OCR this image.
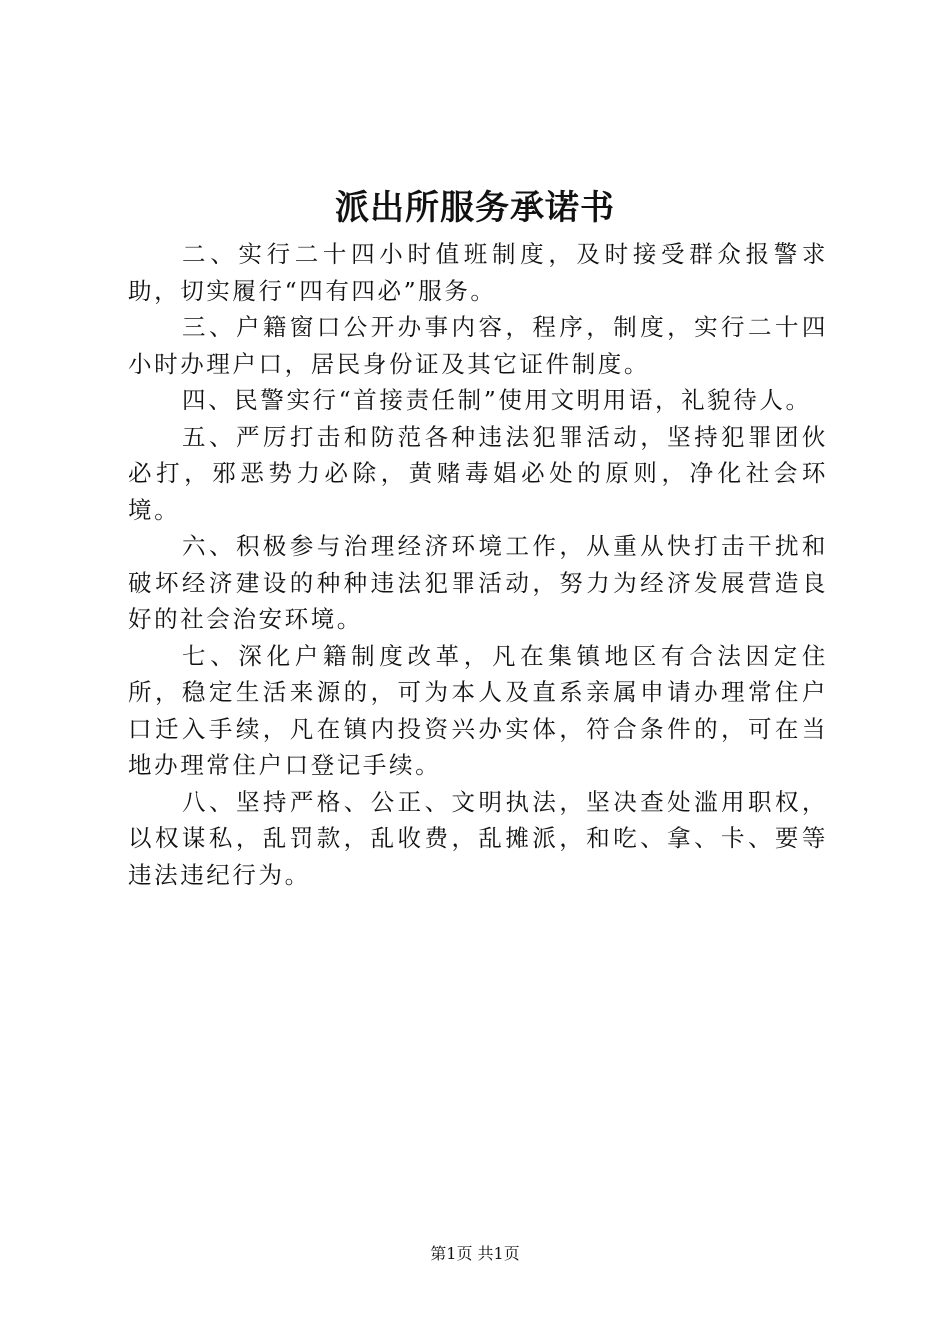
派出所服务承诺书

二、实行二十四小时值班制度，及时接受群众报警求助，切实履行“四有四必”服务。

三、户籍窗口公开办事内容，程序，制度，实行二十四小时办理户口，居民身份证及其它证件制度。

四、民警实行“首接责任制”使用文明用语，礼貌待人。

五、严厉打击和防范各种违法犯罪活动，坚持犯罪团伙必打，邪恶势力必除，黄赌毒娼必处的原则，净化社会环境。

六、积极参与治理经济环境工作，从重从快打击干扰和破坏经济建设的种种违法犯罪活动，努力为经济发展营造良好的社会治安环境。

七、深化户籍制度改革，凡在集镇地区有合法因定住所，稳定生活来源的，可为本人及直系亲属申请办理常住户口迁入手续，凡在镇内投资兴办实体，符合条件的，可在当地办理常住户口登记手续。

八、坚持严格、公正、文明执法，坚决查处滥用职权，以权谋私，乱罚款，乱收费，乱摊派，和吃、拿、卡、要等违法违纪行为。

第1页 共1页
